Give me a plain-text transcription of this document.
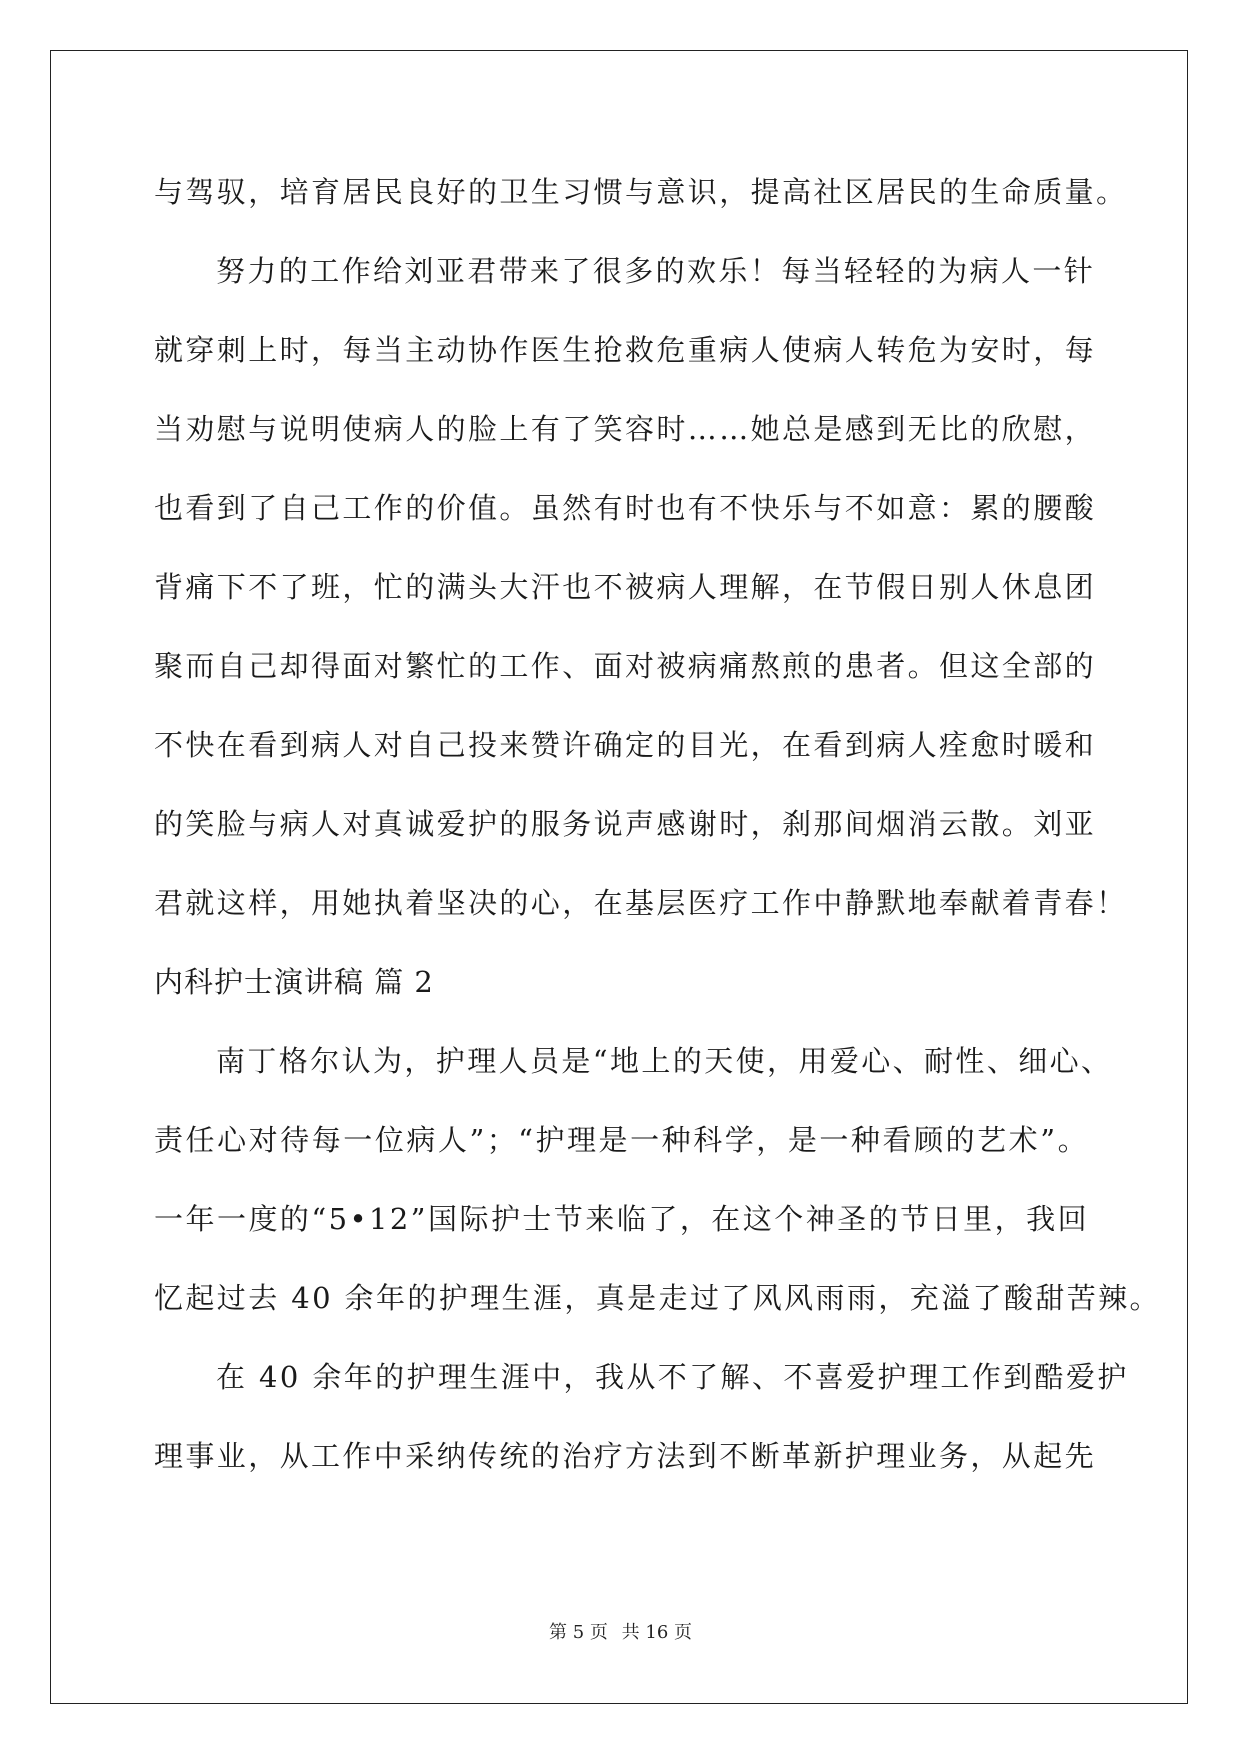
与驾驭，培育居民良好的卫生习惯与意识，提高社区居民的生命质量。
努力的工作给刘亚君带来了很多的欢乐！每当轻轻的为病人一针
就穿刺上时，每当主动协作医生抢救危重病人使病人转危为安时，每
当劝慰与说明使病人的脸上有了笑容时……她总是感到无比的欣慰，
也看到了自己工作的价值。虽然有时也有不快乐与不如意：累的腰酸
背痛下不了班，忙的满头大汗也不被病人理解，在节假日别人休息团
聚而自己却得面对繁忙的工作、面对被病痛熬煎的患者。但这全部的
不快在看到病人对自己投来赞许确定的目光，在看到病人痊愈时暖和
的笑脸与病人对真诚爱护的服务说声感谢时，刹那间烟消云散。刘亚
君就这样，用她执着坚决的心，在基层医疗工作中静默地奉献着青春！
内科护士演讲稿 篇 2
南丁格尔认为，护理人员是“地上的天使，用爱心、耐性、细心、
责任心对待每一位病人”；“护理是一种科学，是一种看顾的艺术”。
一年一度的“5•12”国际护士节来临了，在这个神圣的节日里，我回
忆起过去 40 余年的护理生涯，真是走过了风风雨雨，充溢了酸甜苦辣。
在 40 余年的护理生涯中，我从不了解、不喜爱护理工作到酷爱护
理事业，从工作中采纳传统的治疗方法到不断革新护理业务，从起先
第 5 页 共 16 页
